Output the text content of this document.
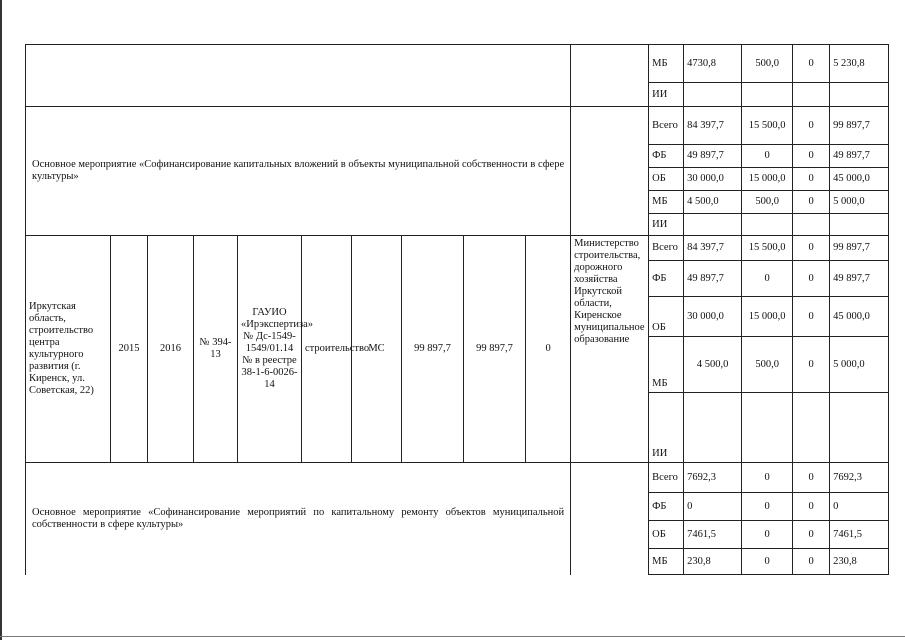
											МБ	4730,8	500,0	0	5 230,8
											ИИ				
Основное мероприятие «Софинансирование капитальных вложений в объекты муниципальной собственности в сфере культуры»											Всего	84 397,7	15 500,0	0	99 897,7
											ФБ	49 897,7	0	0	49 897,7
											ОБ	30 000,0	15 000,0	0	45 000,0
											МБ	4 500,0	500,0	0	5 000,0
											ИИ				
Иркутская область, строительство центра культурного развития (г. Киренск, ул. Советская, 22)	2015	2016	№ 394-13	ГАУИО «Ирэкспертиза» № Дс-1549-1549/01.14 № в реестре 38-1-6-0026-14	строительство	МС	99 897,7	99 897,7	0	Министерство строительства, дорожного хозяйства Иркутской области, Киренское муниципальное образование	Всего	84 397,7	15 500,0	0	99 897,7
											ФБ	49 897,7	0	0	49 897,7
											ОБ	30 000,0	15 000,0	0	45 000,0
											МБ	4 500,0	500,0	0	5 000,0
											ИИ				
Основное мероприятие «Софинансирование мероприятий по капитальному ремонту объектов муниципальной собственности в сфере культуры»											Всего	7692,3	0	0	7692,3
											ФБ	0	0	0	0
											ОБ	7461,5	0	0	7461,5
											МБ	230,8	0	0	230,8
